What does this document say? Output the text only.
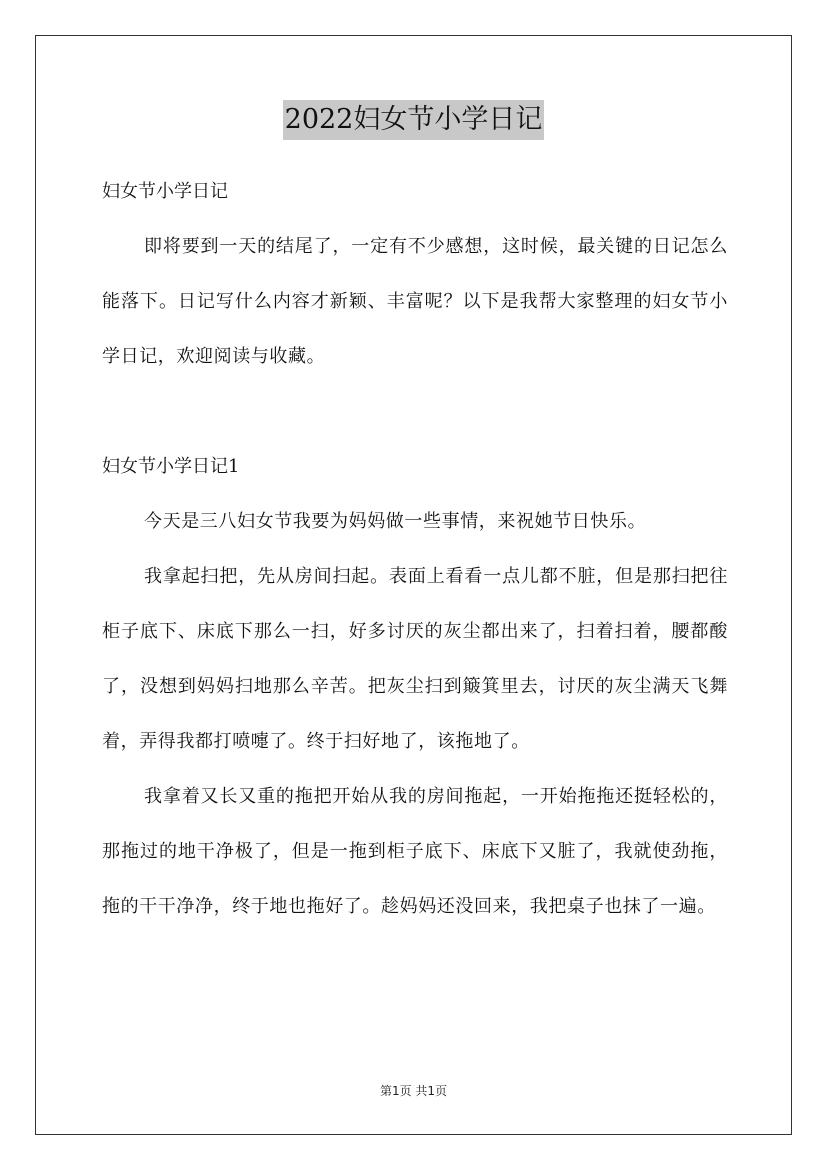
2022妇女节小学日记

妇女节小学日记

即将要到一天的结尾了，一定有不少感想，这时候，最关键的日记怎么能落下。日记写什么内容才新颖、丰富呢？以下是我帮大家整理的妇女节小学日记，欢迎阅读与收藏。

妇女节小学日记1

今天是三八妇女节我要为妈妈做一些事情，来祝她节日快乐。

我拿起扫把，先从房间扫起。表面上看看一点儿都不脏，但是那扫把往柜子底下、床底下那么一扫，好多讨厌的灰尘都出来了，扫着扫着，腰都酸了，没想到妈妈扫地那么辛苦。把灰尘扫到簸箕里去，讨厌的灰尘满天飞舞着，弄得我都打喷嚏了。终于扫好地了，该拖地了。

我拿着又长又重的拖把开始从我的房间拖起，一开始拖拖还挺轻松的，那拖过的地干净极了，但是一拖到柜子底下、床底下又脏了，我就使劲拖，拖的干干净净，终于地也拖好了。趁妈妈还没回来，我把桌子也抹了一遍。

第1页 共1页
